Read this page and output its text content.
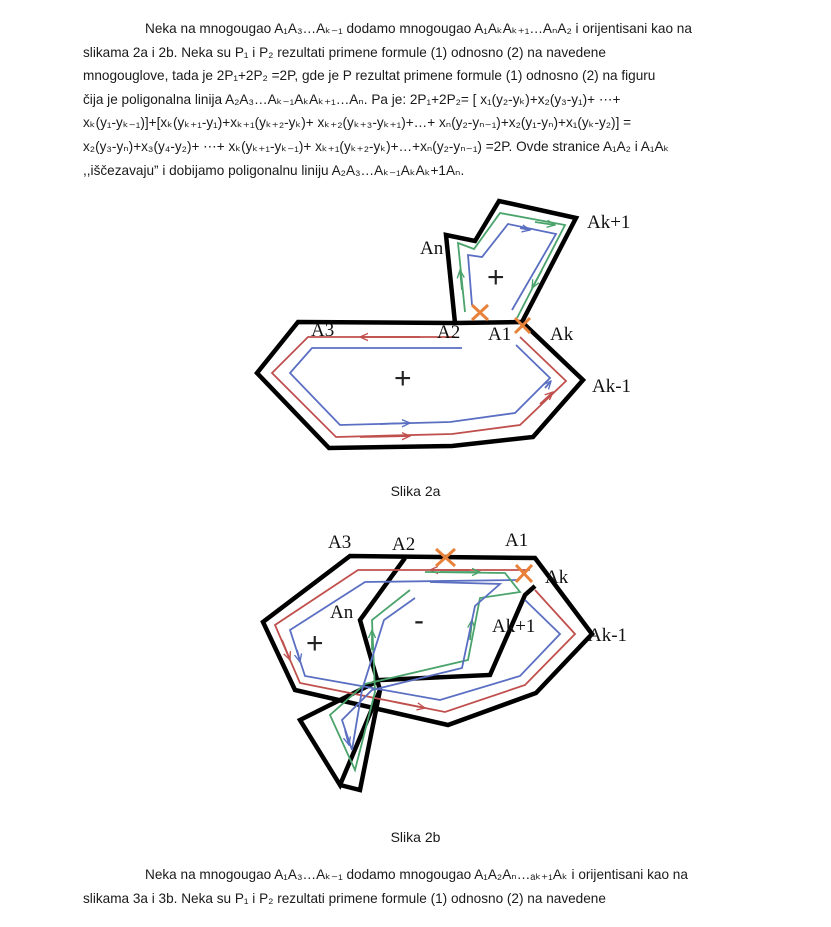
Neka na mnogougao A₁A₃…Aₖ₋₁ dodamo mnogougao A₁AₖAₖ₊₁…AₙA₂ i orijentisani kao na
slikama 2a i 2b. Neka su P₁ i P₂ rezultati primene formule (1) odnosno (2) na navedene
mnogouglove, tada je 2P₁+2P₂ =2P, gde je P rezultat primene formule (1) odnosno (2) na figuru
čija je poligonalna linija A₂A₃…Aₖ₋₁AₖAₖ₊₁…Aₙ. Pa je: 2P₁+2P₂= [ x₁(y₂-yₖ)+x₂(y₃-y₁)+ ⋯+
xₖ(y₁-yₖ₋₁)]+[xₖ(yₖ₊₁-y₁)+xₖ₊₁(yₖ₊₂-yₖ)+ xₖ₊₂(yₖ₊₃-yₖ₊₁)+…+ xₙ(y₂-yₙ₋₁)+x₂(y₁-yₙ)+x₁(yₖ-y₂)] =
x₂(y₃-yₙ)+x₃(y₄-y₂)+ ⋯+ xₖ(yₖ₊₁-yₖ₋₁)+ xₖ₊₁(yₖ₊₂-yₖ)+…+xₙ(y₂-yₙ₋₁) =2P. Ovde stranice A₁A₂ i A₁Aₖ
,,iščezavaju” i dobijamo poligonalnu liniju A₂A₃…Aₖ₋₁AₖAₖ+1Aₙ.
An
Ak+1
A3	A2 A1 Ak
Ak-1
+
+
A3 A2	A1
Ak
An
Ak+1	Ak-1
+
-
Slika 2a
Slika 2b
Neka na mnogougao A₁A₃…Aₖ₋₁ dodamo mnogougao A₁A₂Aₙ…ₐₖ₊₁Aₖ i orijentisani kao na
slikama 3a i 3b. Neka su P₁ i P₂ rezultati primene formule (1) odnosno (2) na navedene
